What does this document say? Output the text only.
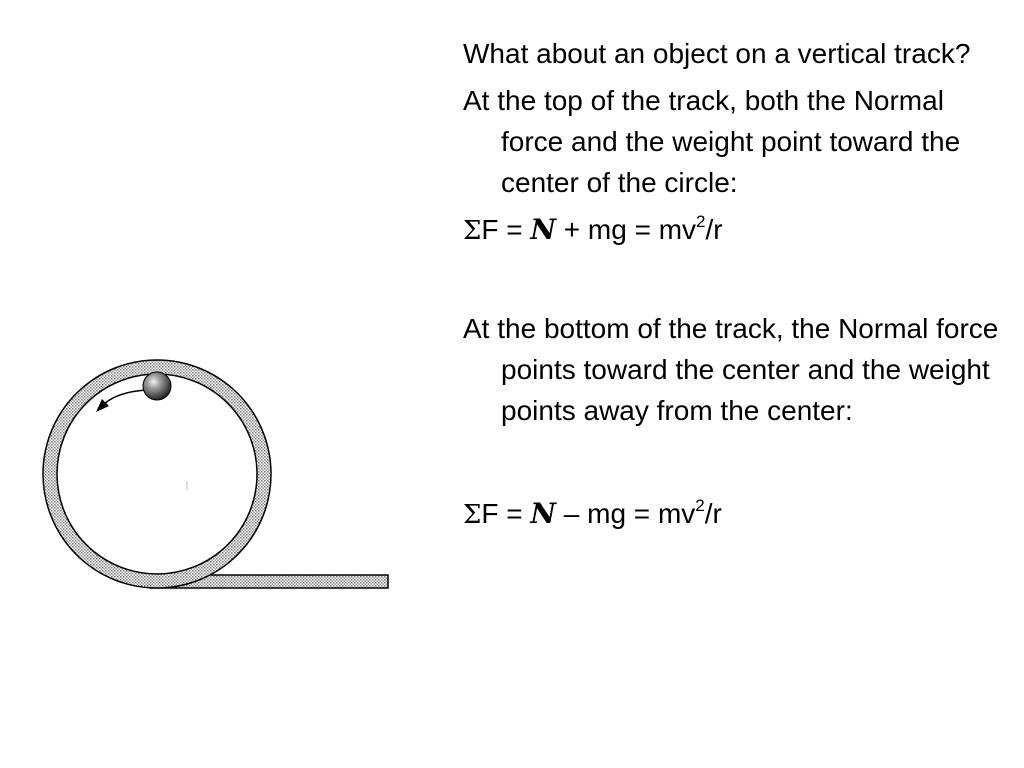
What about an object on a vertical track?

At the top of the track, both the Normal force and the weight point toward the center of the circle:

ΣF = N + mg = $mv^2/r$

At the bottom of the track, the Normal force points toward the center and the weight points away from the center:

ΣF = N – mg = $mv^2/r$
